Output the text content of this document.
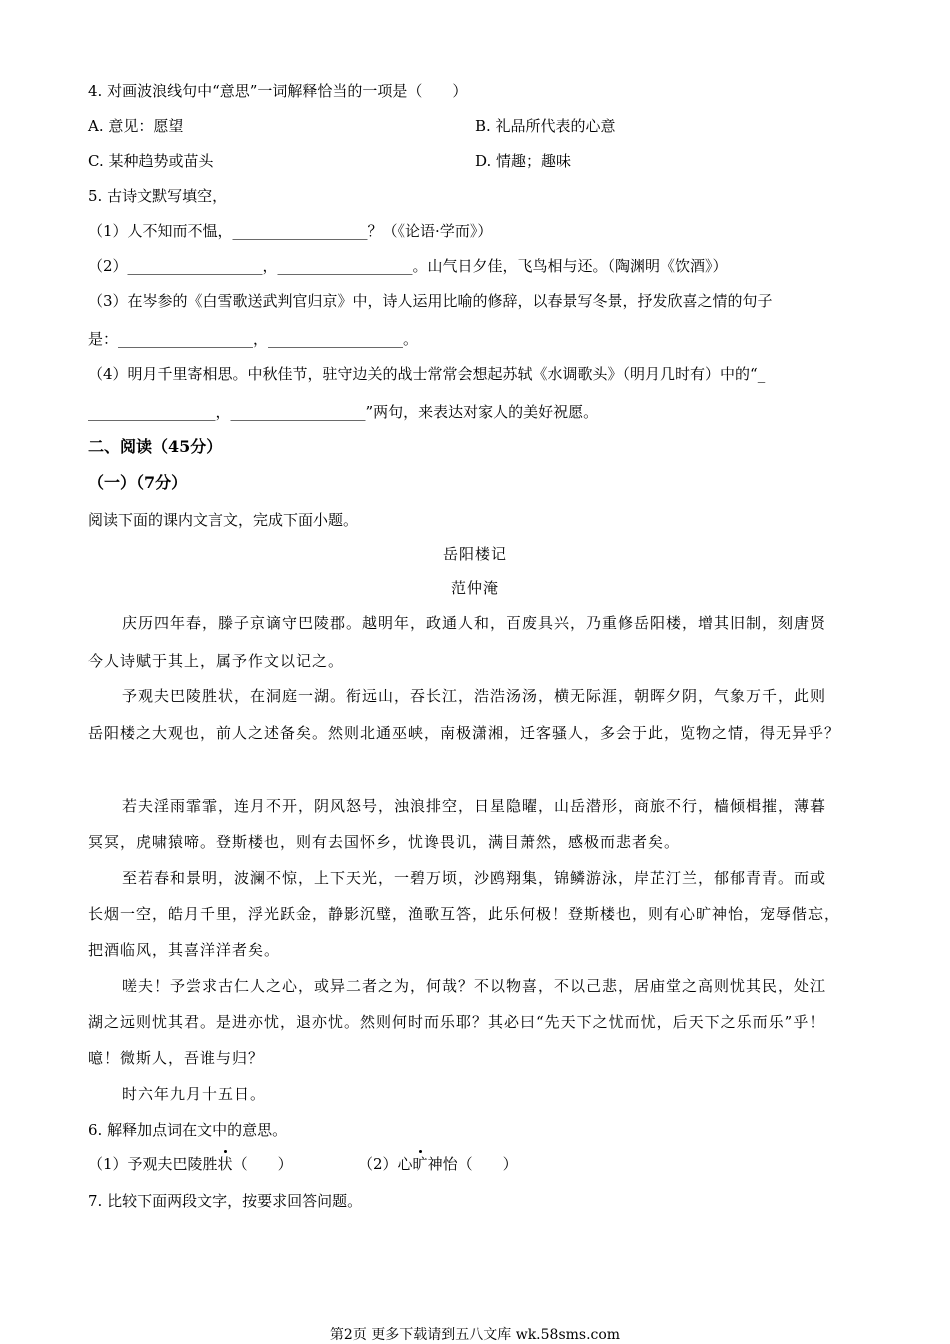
4. 对画波浪线句中“意思”一词解释恰当的一项是（　　）
A. 意见：愿望	B. 礼品所代表的心意
C. 某种趋势或苗头	D. 情趣；趣味
5. 古诗文默写填空，
（1）人不知而不愠，__________________？（《论语·学而》）
（2）__________________，__________________。山气日夕佳，飞鸟相与还。（陶渊明《饮酒》）
（3）在岑参的《白雪歌送武判官归京》中，诗人运用比喻的修辞，以春景写冬景，抒发欣喜之情的句子
是：__________________，__________________。
（4）明月千里寄相思。中秋佳节，驻守边关的战士常常会想起苏轼《水调歌头》（明月几时有）中的“_
_________________，__________________”两句，来表达对家人的美好祝愿。
二、阅读（45分）
（一）（7分）
阅读下面的课内文言文，完成下面小题。
岳阳楼记
范仲淹
庆历四年春，滕子京谪守巴陵郡。越明年，政通人和，百废具兴，乃重修岳阳楼，增其旧制，刻唐贤
今人诗赋于其上，属予作文以记之。
予观夫巴陵胜状，在洞庭一湖。衔远山，吞长江，浩浩汤汤，横无际涯，朝晖夕阴，气象万千，此则
岳阳楼之大观也，前人之述备矣。然则北通巫峡，南极潇湘，迁客骚人，多会于此，览物之情，得无异乎？
若夫淫雨霏霏，连月不开，阴风怒号，浊浪排空，日星隐曜，山岳潜形，商旅不行，樯倾楫摧，薄暮
冥冥，虎啸猿啼。登斯楼也，则有去国怀乡，忧谗畏讥，满目萧然，感极而悲者矣。
至若春和景明，波澜不惊，上下天光，一碧万顷，沙鸥翔集，锦鳞游泳，岸芷汀兰，郁郁青青。而或
长烟一空，皓月千里，浮光跃金，静影沉璧，渔歌互答，此乐何极！登斯楼也，则有心旷神怡，宠辱偕忘，
把酒临风，其喜洋洋者矣。
嗟夫！予尝求古仁人之心，或异二者之为，何哉？不以物喜，不以己悲，居庙堂之高则忧其民，处江
湖之远则忧其君。是进亦忧，退亦忧。然则何时而乐耶？其必曰“先天下之忧而忧，后天下之乐而乐”乎！
噫！微斯人，吾谁与归？
时六年九月十五日。
6. 解释加点词在文中的意思。
（1）予观夫巴陵胜状（　　）	（2）心旷神怡（　　）
7. 比较下面两段文字，按要求回答问题。
第2页 更多下载请到五八文库 wk.58sms.com
